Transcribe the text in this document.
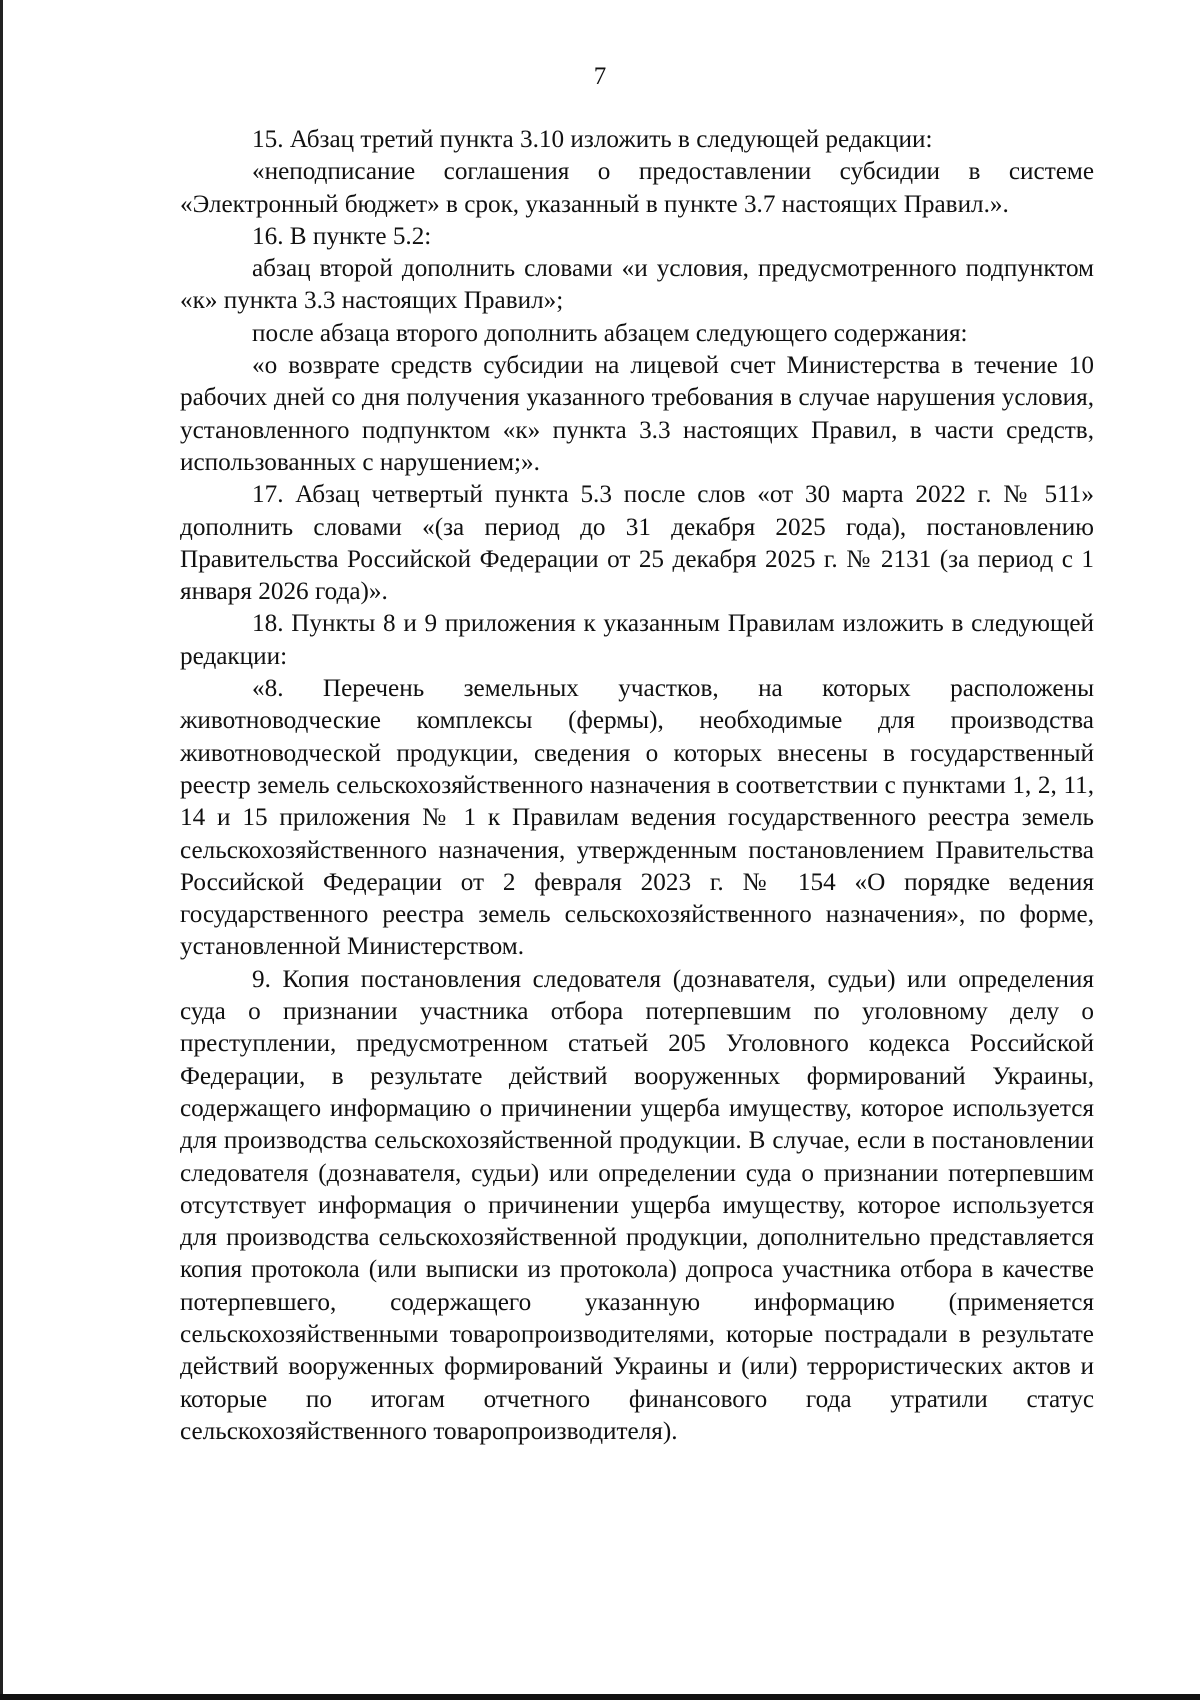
7

15. Абзац третий пункта 3.10 изложить в следующей редакции:

«неподписание соглашения о предоставлении субсидии в системе «Электронный бюджет» в срок, указанный в пункте 3.7 настоящих Правил.».

16. В пункте 5.2:

абзац второй дополнить словами «и условия, предусмотренного подпунктом «к» пункта 3.3 настоящих Правил»;

после абзаца второго дополнить абзацем следующего содержания:

«о возврате средств субсидии на лицевой счет Министерства в течение 10 рабочих дней со дня получения указанного требования в случае нарушения условия, установленного подпунктом «к» пункта 3.3 настоящих Правил, в части средств, использованных с нарушением;».

17. Абзац четвертый пункта 5.3 после слов «от 30 марта 2022 г. № 511» дополнить словами «(за период до 31 декабря 2025 года), постановлению Правительства Российской Федерации от 25 декабря 2025 г. № 2131 (за период с 1 января 2026 года)».

18. Пункты 8 и 9 приложения к указанным Правилам изложить в следующей редакции:

«8. Перечень земельных участков, на которых расположены животноводческие комплексы (фермы), необходимые для производства животноводческой продукции, сведения о которых внесены в государственный реестр земель сельскохозяйственного назначения в соответствии с пунктами 1, 2, 11, 14 и 15 приложения № 1 к Правилам ведения государственного реестра земель сельскохозяйственного назначения, утвержденным постановлением Правительства Российской Федерации от 2 февраля 2023 г. № 154 «О порядке ведения государственного реестра земель сельскохозяйственного назначения», по форме, установленной Министерством.

9. Копия постановления следователя (дознавателя, судьи) или определения суда о признании участника отбора потерпевшим по уголовному делу о преступлении, предусмотренном статьей 205 Уголовного кодекса Российской Федерации, в результате действий вооруженных формирований Украины, содержащего информацию о причинении ущерба имуществу, которое используется для производства сельскохозяйственной продукции. В случае, если в постановлении следователя (дознавателя, судьи) или определении суда о признании потерпевшим отсутствует информация о причинении ущерба имуществу, которое используется для производства сельскохозяйственной продукции, дополнительно представляется копия протокола (или выписки из протокола) допроса участника отбора в качестве потерпевшего, содержащего указанную информацию (применяется сельскохозяйственными товаропроизводителями, которые пострадали в результате действий вооруженных формирований Украины и (или) террористических актов и которые по итогам отчетного финансового года утратили статус сельскохозяйственного товаропроизводителя).
